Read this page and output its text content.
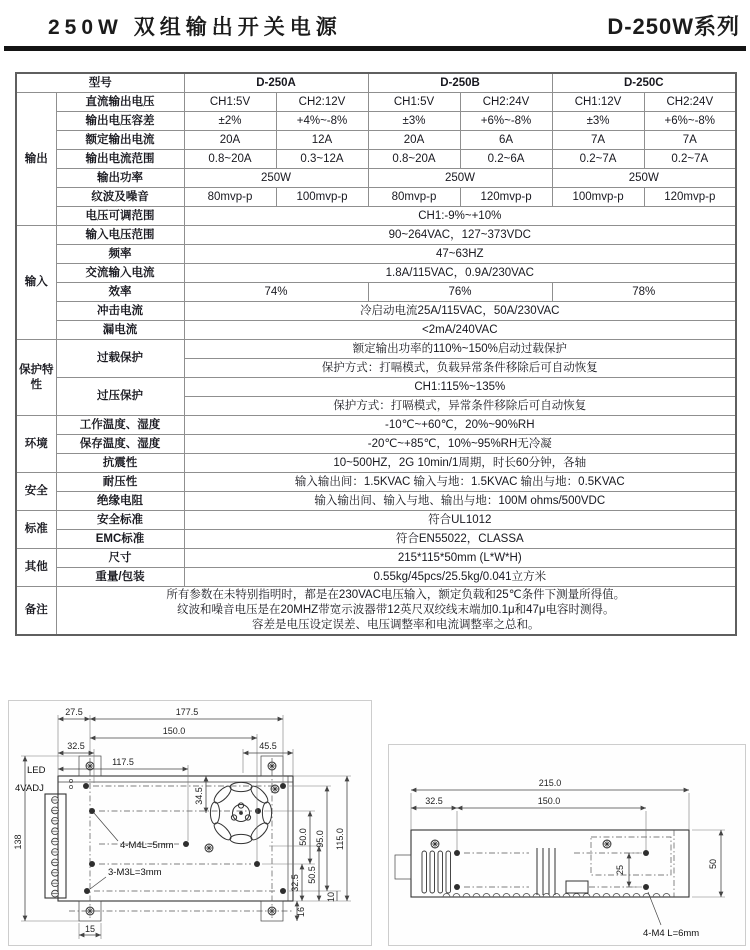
250W 双组输出开关电源	D-250W系列
型号		D-250A		D-250B		D-250C	
输出	直流输出电压	CH1:5V	CH2:12V	CH1:5V	CH2:24V	CH1:12V	CH2:24V
	输出电压容差	±2%	+4%~-8%	±3%	+6%~-8%	±3%	+6%~-8%
	额定输出电流	20A	12A	20A	6A	7A	7A
	输出电流范围	0.8~20A	0.3~12A	0.8~20A	0.2~6A	0.2~7A	0.2~7A
	输出功率	250W		250W		250W	
	纹波及噪音	80mvp-p	100mvp-p	80mvp-p	120mvp-p	100mvp-p	120mvp-p
	电压可调范围	CH1:-9%~+10%					
输入	输入电压范围	90~264VAC，127~373VDC					
	频率	47~63HZ					
	交流输入电流	1.8A/115VAC，0.9A/230VAC					
	效率	74%		76%		78%	
	冲击电流	冷启动电流25A/115VAC，50A/230VAC					
	漏电流	<2mA/240VAC					
保护特性	过载保护	额定输出功率的110%~150%启动过载保护					
		保护方式：打嗝模式，负载异常条件移除后可自动恢复					
	过压保护	CH1:115%~135%					
		保护方式：打嗝模式，异常条件移除后可自动恢复					
环境	工作温度、湿度	-10℃~+60℃，20%~90%RH					
	保存温度、湿度	-20℃~+85℃，10%~95%RH无冷凝					
	抗震性	10~500HZ，2G 10min/1周期，时长60分钟，各轴					
安全	耐压性	输入输出间：1.5KVAC 输入与地：1.5KVAC 输出与地：0.5KVAC					
	绝缘电阻	输入输出间、输入与地、输出与地：100M ohms/500VDC					
标准	安全标准	符合UL1012					
	EMC标准	符合EN55022，CLASSA					
其他	尺寸	215*115*50mm (L*W*H)					
	重量/包装	0.55kg/45pcs/25.5kg/0.041立方米					
备注	所有参数在未特别指明时，都是在230VAC电压输入，额定负载和25℃条件下测量所得值。
纹波和噪音电压是在20MHZ带宽示波器带12英尺双绞线末端加0.1μ和47μ电容时测得。
容差是电压设定误差、电压调整率和电流调整率之总和。						
4-M4L=5mm
3-M3L=3mm
LED
4VADJ
27.5	177.5
150.0
32.5	45.5
117.5
138
34.5
50.0 95.0 115.0
32.5 50.5
10
16
15
215.0
32.5	150.0
25
50
4-M4 L=6mm
